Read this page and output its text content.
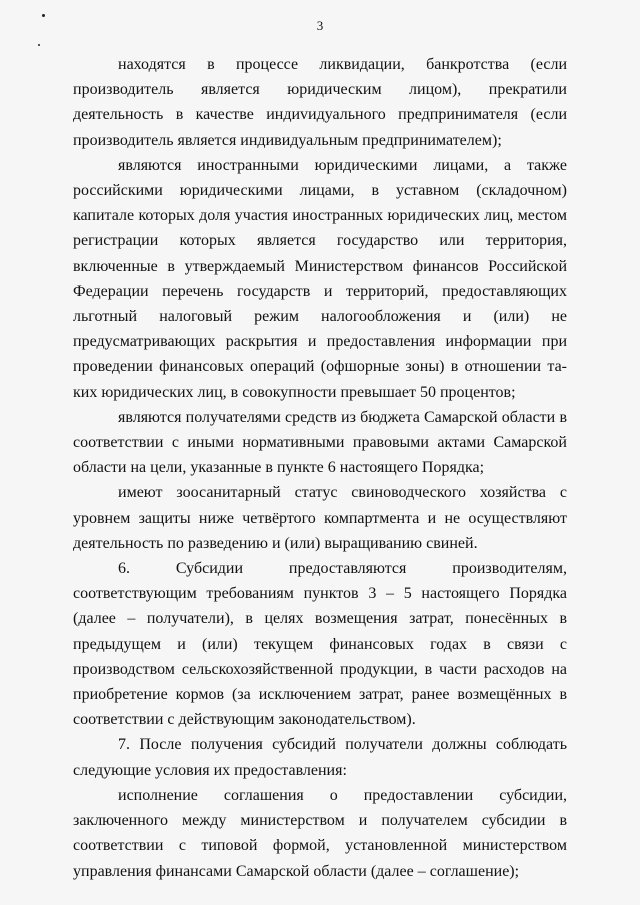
3

находятся в процессе ликвидации, банкротства (если производитель является юридическим лицом), прекратили деятельность в качестве индиvидуального предпринимателя (если производитель является индивидуальным предпринимателем);

являются иностранными юридическими лицами, а также российскими юридическими лицами, в уставном (складочном) капитале которых доля участия иностранных юридических лиц, местом регистрации которых является государство или территория, включенные в утверждаемый Министерством финансов Российской Федерации перечень государств и территорий, предоставляющих льготный налоговый режим налогообложения и (или) не предусматривающих раскрытия и предоставления информации при проведении финансовых операций (офшорные зоны) в отношении таких юридических лиц, в совокупности превышает 50 процентов;

являются получателями средств из бюджета Самарской области в соответствии с иными нормативными правовыми актами Самарской области на цели, указанные в пункте 6 настоящего Порядка;

имеют зоосанитарный статус свиноводческого хозяйства с уровнем защиты ниже четвёртого компартмента и не осуществляют деятельность по разведению и (или) выращиванию свиней.

6. Субсидии предоставляются производителям, соответствующим требованиям пунктов 3 – 5 настоящего Порядка (далее – получатели), в целях возмещения затрат, понесённых в предыдущем и (или) текущем финансовых годах в связи с производством сельскохозяйственной продукции, в части расходов на приобретение кормов (за исключением затрат, ранее возмещённых в соответствии с действующим законодательством).

7. После получения субсидий получатели должны соблюдать следующие условия их предоставления:

исполнение соглашения о предоставлении субсидии, заключенного между министерством и получателем субсидии в соответствии с типовой формой, установленной министерством управления финансами Самарской области (далее – соглашение);
